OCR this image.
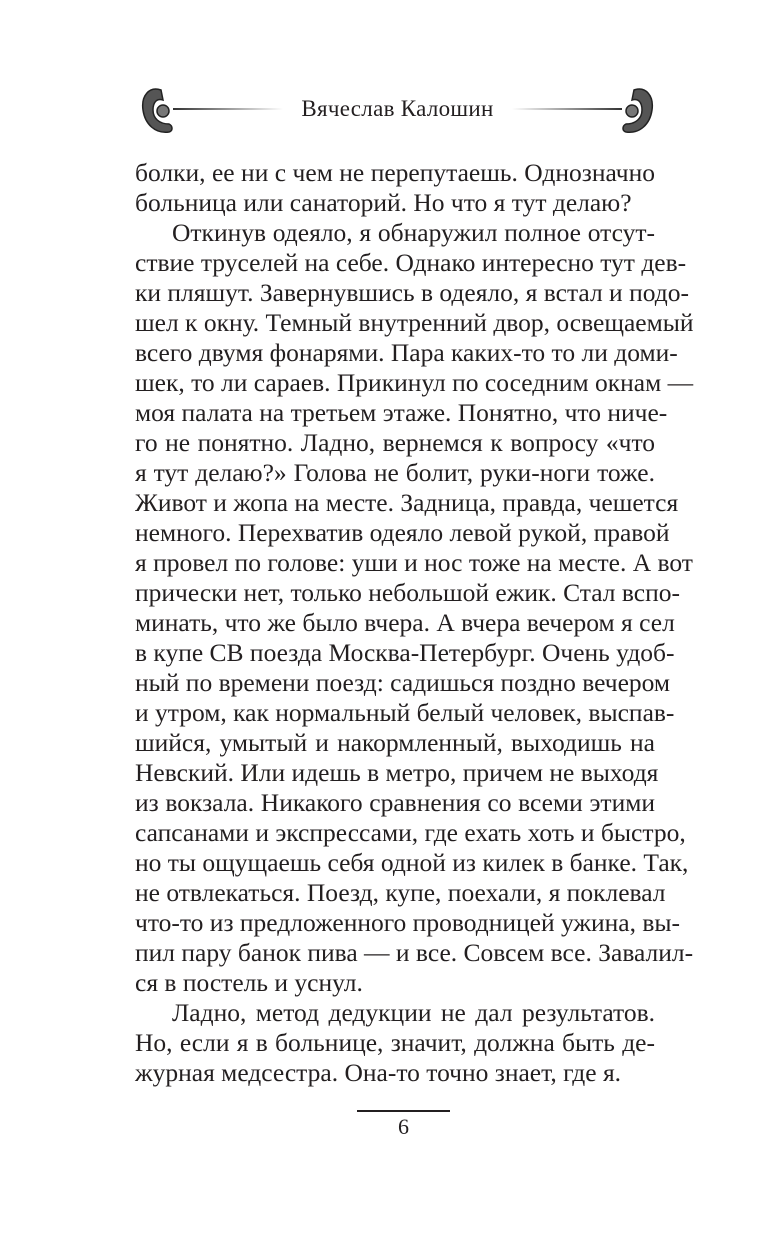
Вячеслав Калошин
болки, ее ни с чем не перепутаешь. Однозначно
больница или санаторий. Но что я тут делаю?
Откинув одеяло, я обнаружил полное отсут-
ствие труселей на себе. Однако интересно тут дев-
ки пляшут. Завернувшись в одеяло, я встал и подо-
шел к окну. Темный внутренний двор, освещаемый
всего двумя фонарями. Пара каких-то то ли доми-
шек, то ли сараев. Прикинул по соседним окнам —
моя палата на третьем этаже. Понятно, что ниче-
го не понятно. Ладно, вернемся к вопросу «что
я тут делаю?» Голова не болит, руки-ноги тоже.
Живот и жопа на месте. Задница, правда, чешется
немного. Перехватив одеяло левой рукой, правой
я провел по голове: уши и нос тоже на месте. А вот
прически нет, только небольшой ежик. Стал вспо-
минать, что же было вчера. А вчера вечером я сел
в купе СВ поезда Москва-Петербург. Очень удоб-
ный по времени поезд: садишься поздно вечером
и утром, как нормальный белый человек, выспав-
шийся, умытый и накормленный, выходишь на
Невский. Или идешь в метро, причем не выходя
из вокзала. Никакого сравнения со всеми этими
сапсанами и экспрессами, где ехать хоть и быстро,
но ты ощущаешь себя одной из килек в банке. Так,
не отвлекаться. Поезд, купе, поехали, я поклевал
что-то из предложенного проводницей ужина, вы-
пил пару банок пива — и все. Совсем все. Завалил-
ся в постель и уснул.
Ладно, метод дедукции не дал результатов.
Но, если я в больнице, значит, должна быть де-
журная медсестра. Она-то точно знает, где я.
6
